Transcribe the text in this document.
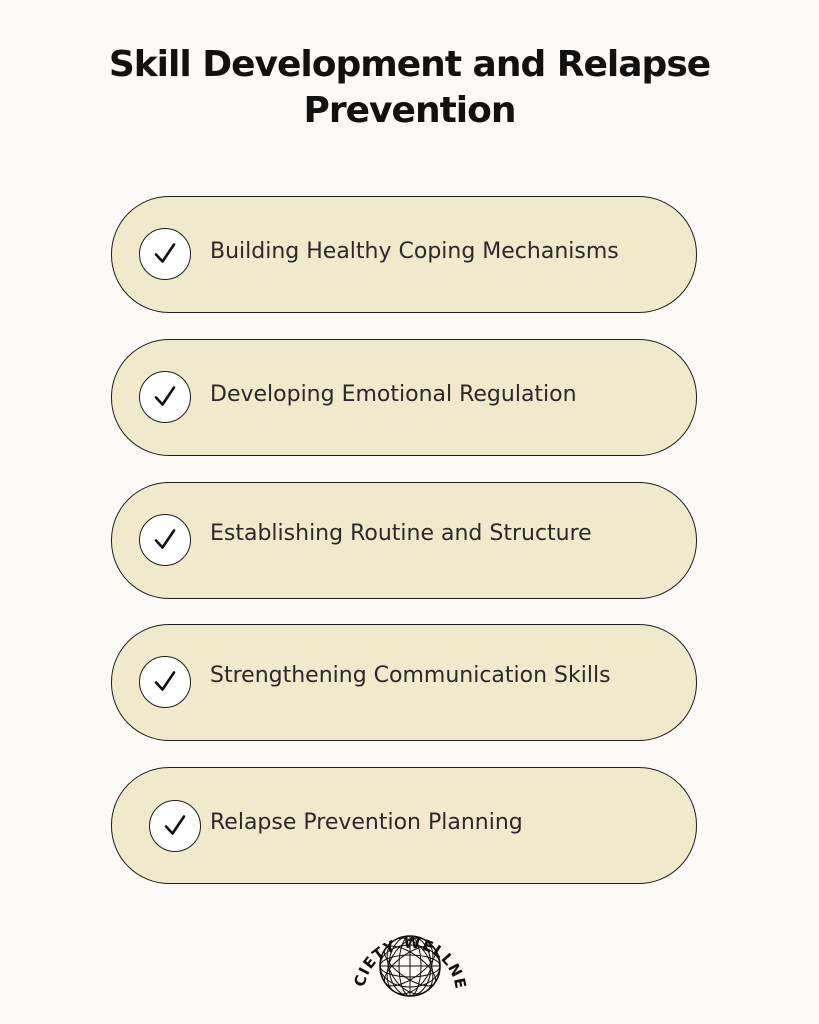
Skill Development and Relapse Prevention
Building Healthy Coping Mechanisms
Developing Emotional Regulation
Establishing Routine and Structure
Strengthening Communication Skills
Relapse Prevention Planning
CIETY WELLNE
